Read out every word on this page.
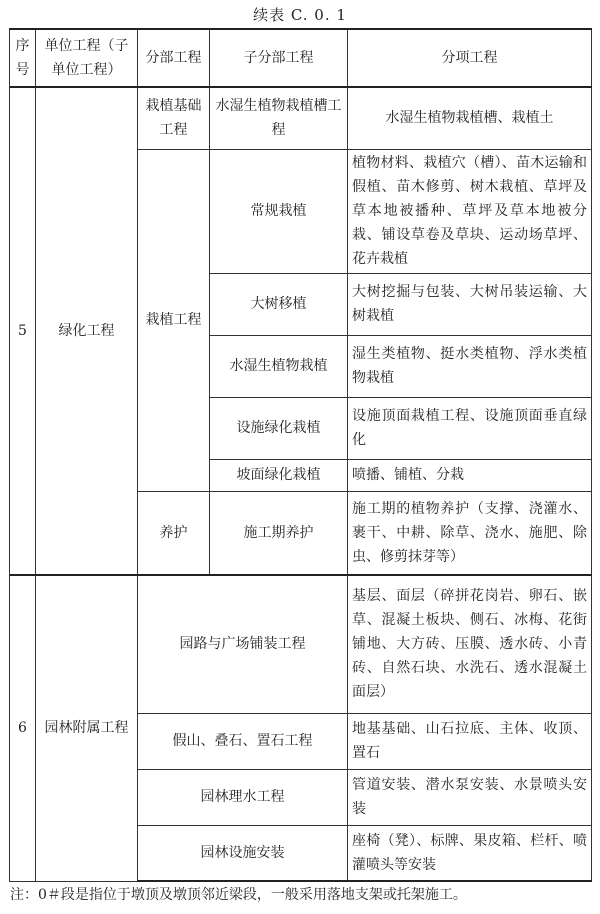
续表 C. 0. 1
序号	单位工程（子单位工程）	分部工程	子分部工程	分项工程
5	绿化工程	栽植基础工程	水湿生植物栽植槽工程	水湿生植物栽植槽、栽植土
		栽植工程	常规栽植	植物材料、栽植穴（槽）、苗木运输和假植、苗木修剪、树木栽植、草坪及草本地被播种、草坪及草本地被分栽、铺设草卷及草块、运动场草坪、花卉栽植
			大树移植	大树挖掘与包装、大树吊装运输、大树栽植
			水湿生植物栽植	湿生类植物、挺水类植物、浮水类植物栽植
			设施绿化栽植	设施顶面栽植工程、设施顶面垂直绿化
			坡面绿化栽植	喷播、铺植、分栽
		养护	施工期养护	施工期的植物养护（支撑、浇灌水、裹干、中耕、除草、浇水、施肥、除虫、修剪抹芽等）
6	园林附属工程	园路与广场铺装工程		基层、面层（碎拼花岗岩、卵石、嵌草、混凝土板块、侧石、冰梅、花街铺地、大方砖、压膜、透水砖、小青砖、自然石块、水洗石、透水混凝土面层）
		假山、叠石、置石工程		地基基础、山石拉底、主体、收顶、置石
		园林理水工程		管道安装、潜水泵安装、水景喷头安装
		园林设施安装		座椅（凳）、标牌、果皮箱、栏杆、喷灌喷头等安装
注：0＃段是指位于墩顶及墩顶邻近梁段，一般采用落地支架或托架施工。
